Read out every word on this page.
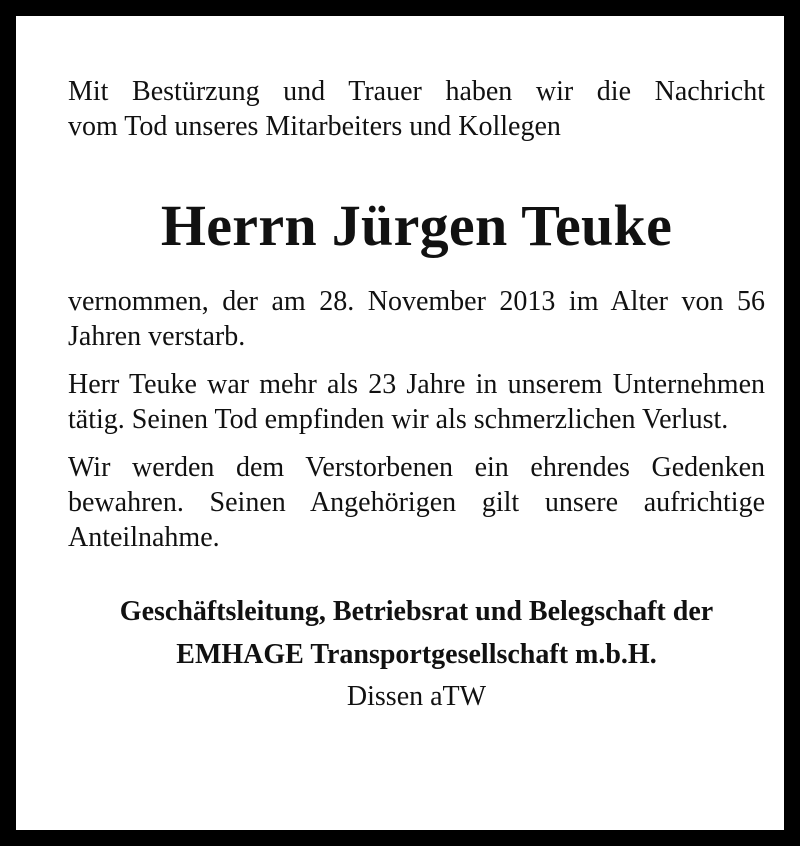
Mit Bestürzung und Trauer haben wir die Nachricht
vom Tod unseres Mitarbeiters und Kollegen

Herrn Jürgen Teuke

vernommen, der am 28. November 2013 im Alter von 56 Jahren verstarb.

Herr Teuke war mehr als 23 Jahre in unserem Unternehmen tätig. Seinen Tod empfinden wir als schmerzlichen Verlust.

Wir werden dem Verstorbenen ein ehrendes Gedenken bewahren. Seinen Angehörigen gilt unsere aufrichtige Anteilnahme.

Geschäftsleitung, Betriebsrat und Belegschaft der
EMHAGE Transportgesellschaft m.b.H.
Dissen aTW
